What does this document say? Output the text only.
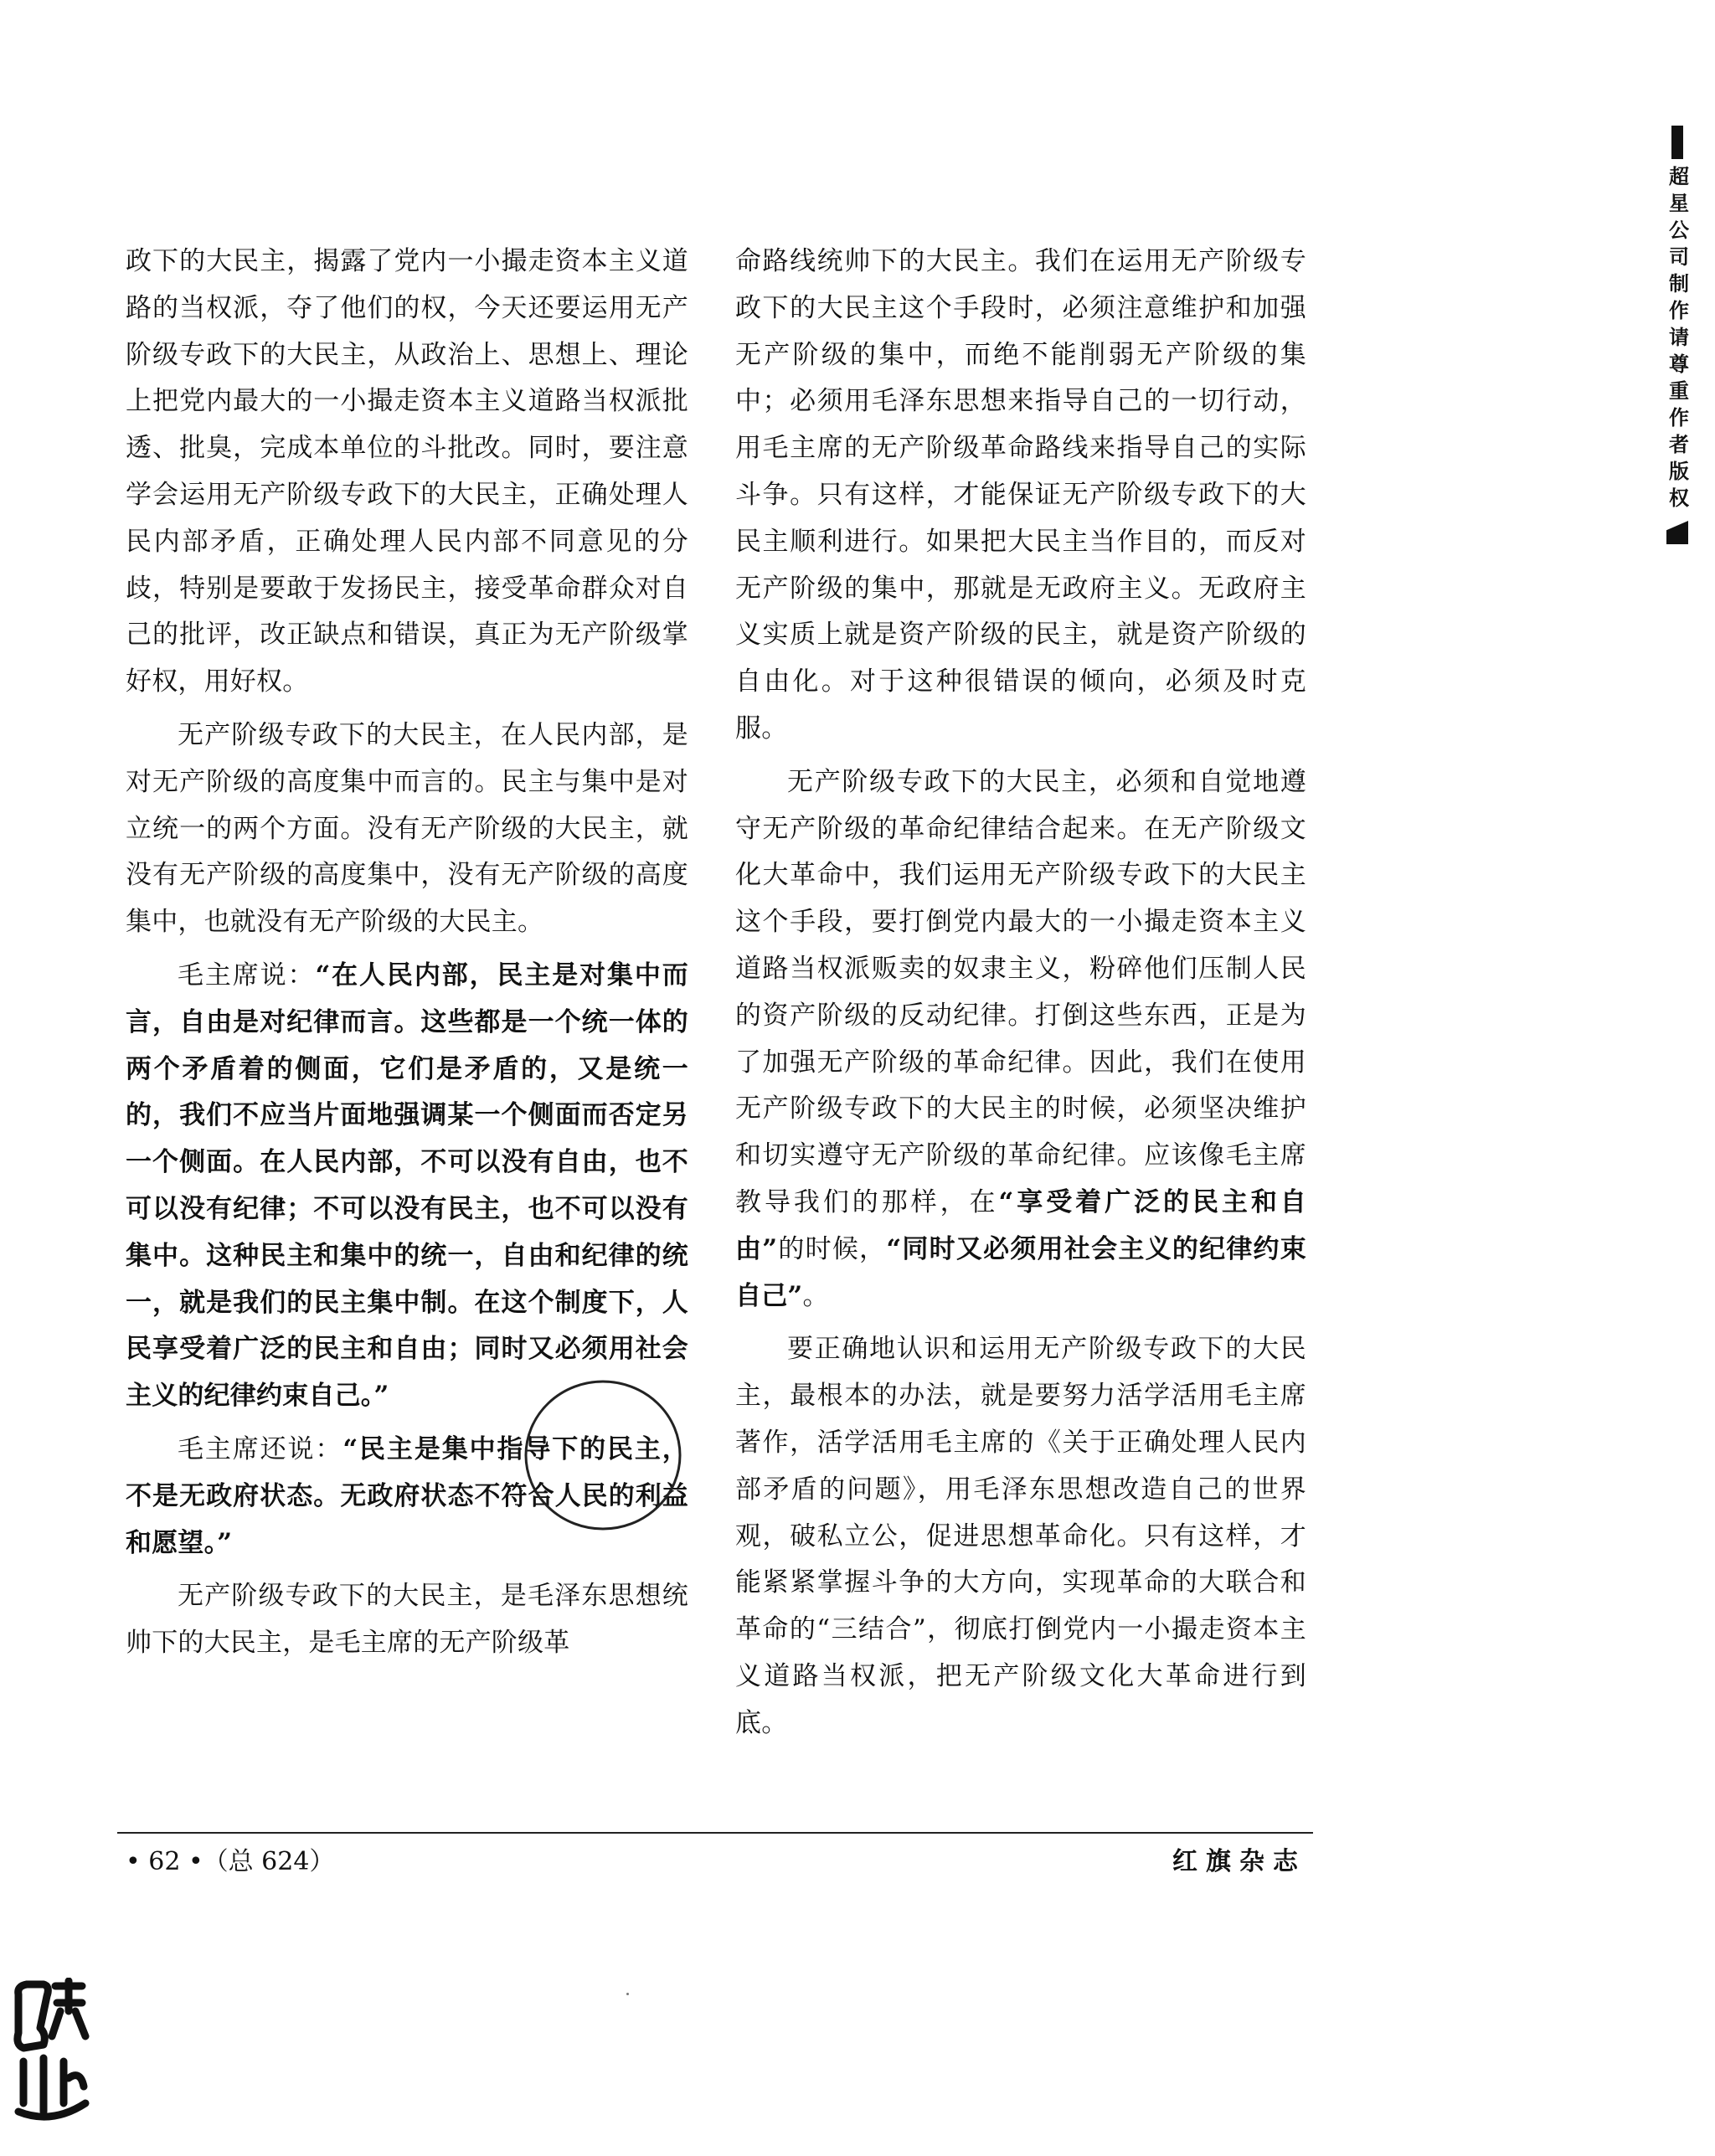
政下的大民主，揭露了党内一小撮走资本主义道路的当权派，夺了他们的权，今天还要运用无产阶级专政下的大民主，从政治上、思想上、理论上把党内最大的一小撮走资本主义道路当权派批透、批臭，完成本单位的斗批改。同时，要注意学会运用无产阶级专政下的大民主，正确处理人民内部矛盾，正确处理人民内部不同意见的分歧，特别是要敢于发扬民主，接受革命群众对自己的批评，改正缺点和错误，真正为无产阶级掌好权，用好权。

无产阶级专政下的大民主，在人民内部，是对无产阶级的高度集中而言的。民主与集中是对立统一的两个方面。没有无产阶级的大民主，就没有无产阶级的高度集中，没有无产阶级的高度集中，也就没有无产阶级的大民主。

毛主席说：“在人民内部，民主是对集中而言，自由是对纪律而言。这些都是一个统一体的两个矛盾着的侧面，它们是矛盾的，又是统一的，我们不应当片面地强调某一个侧面而否定另一个侧面。在人民内部，不可以没有自由，也不可以没有纪律；不可以没有民主，也不可以没有集中。这种民主和集中的统一，自由和纪律的统一，就是我们的民主集中制。在这个制度下，人民享受着广泛的民主和自由；同时又必须用社会主义的纪律约束自己。”

毛主席还说：“民主是集中指导下的民主，不是无政府状态。无政府状态不符合人民的利益和愿望。”

无产阶级专政下的大民主，是毛泽东思想统帅下的大民主，是毛主席的无产阶级革

命路线统帅下的大民主。我们在运用无产阶级专政下的大民主这个手段时，必须注意维护和加强无产阶级的集中，而绝不能削弱无产阶级的集中；必须用毛泽东思想来指导自己的一切行动，用毛主席的无产阶级革命路线来指导自己的实际斗争。只有这样，才能保证无产阶级专政下的大民主顺利进行。如果把大民主当作目的，而反对无产阶级的集中，那就是无政府主义。无政府主义实质上就是资产阶级的民主，就是资产阶级的自由化。对于这种很错误的倾向，必须及时克服。

无产阶级专政下的大民主，必须和自觉地遵守无产阶级的革命纪律结合起来。在无产阶级文化大革命中，我们运用无产阶级专政下的大民主这个手段，要打倒党内最大的一小撮走资本主义道路当权派贩卖的奴隶主义，粉碎他们压制人民的资产阶级的反动纪律。打倒这些东西，正是为了加强无产阶级的革命纪律。因此，我们在使用无产阶级专政下的大民主的时候，必须坚决维护和切实遵守无产阶级的革命纪律。应该像毛主席教导我们的那样，在“享受着广泛的民主和自由”的时候，“同时又必须用社会主义的纪律约束自己”。

要正确地认识和运用无产阶级专政下的大民主，最根本的办法，就是要努力活学活用毛主席著作，活学活用毛主席的《关于正确处理人民内部矛盾的问题》，用毛泽东思想改造自己的世界观，破私立公，促进思想革命化。只有这样，才能紧紧掌握斗争的大方向，实现革命的大联合和革命的“三结合”，彻底打倒党内一小撮走资本主义道路当权派，把无产阶级文化大革命进行到底。

• 62 •（总 624）	红旗杂志
超星公司制作请尊重作者版权
